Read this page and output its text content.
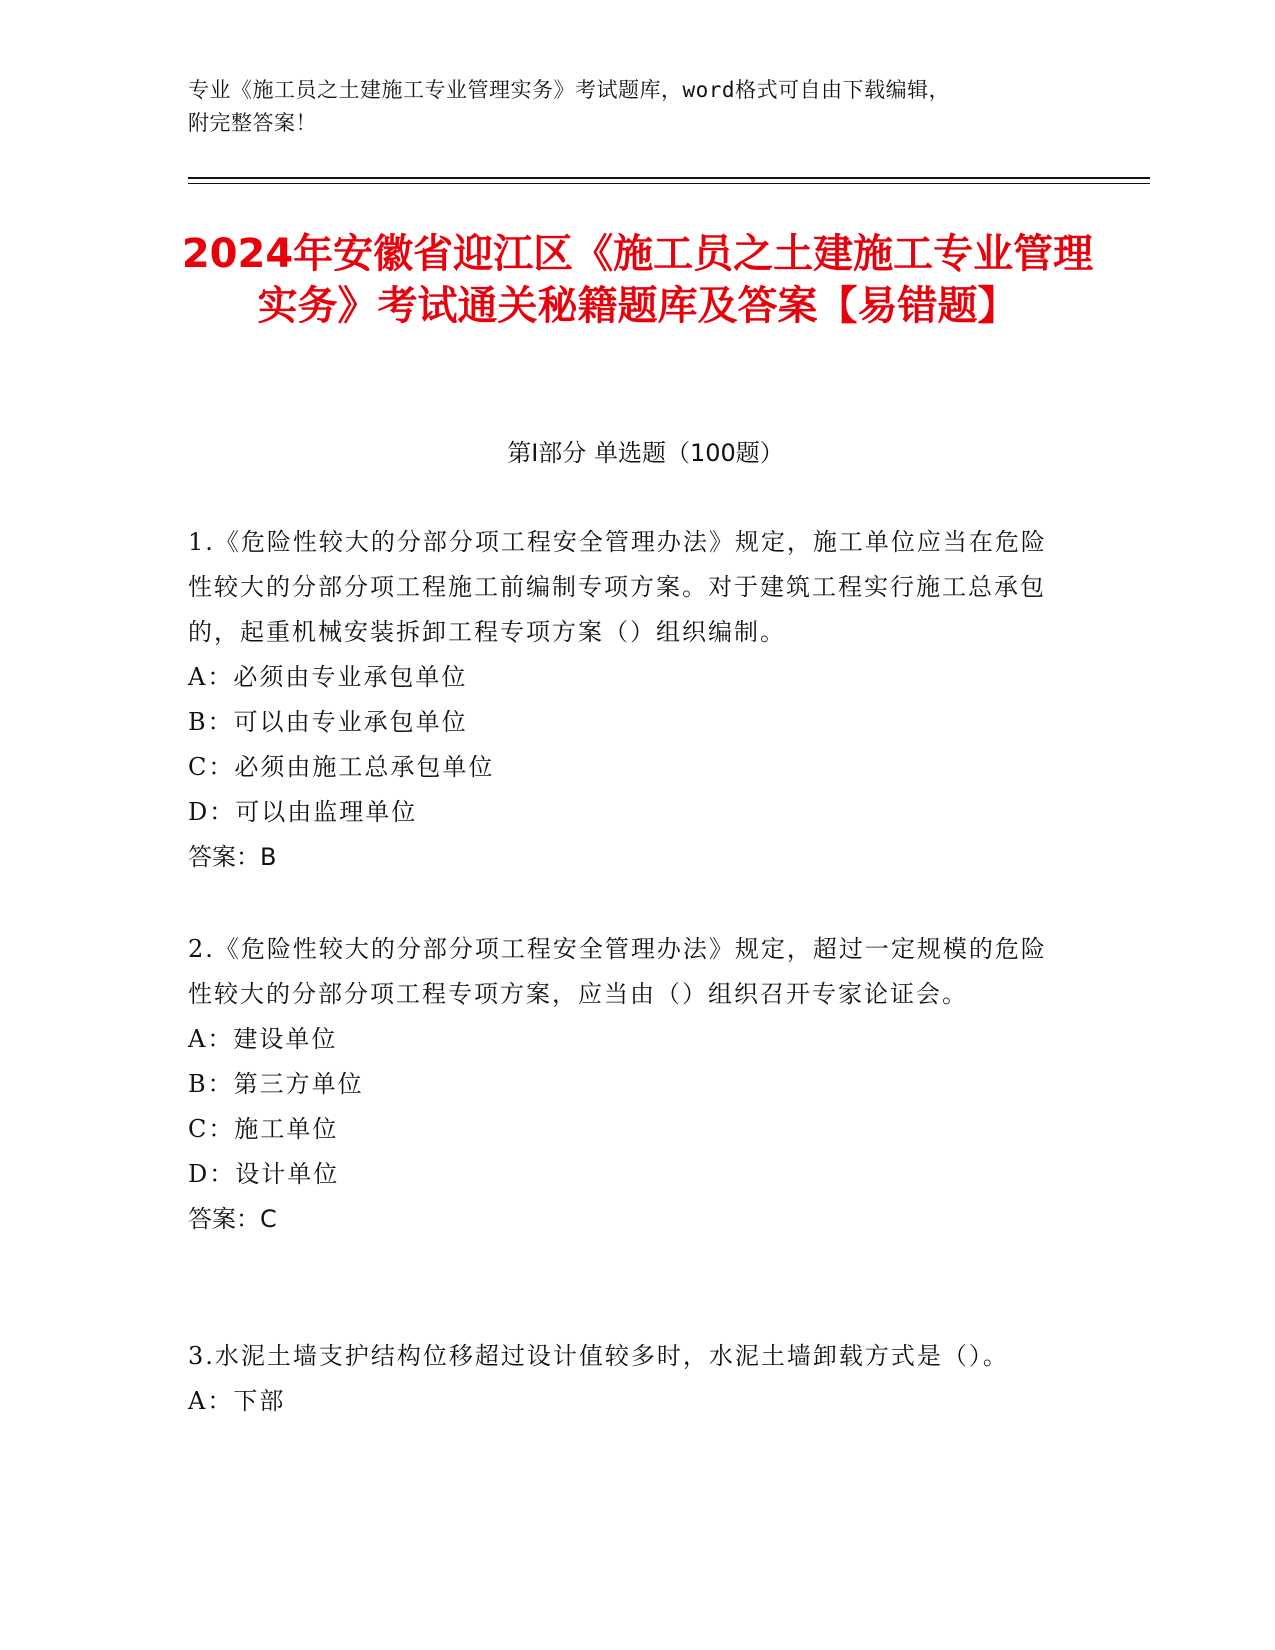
专业《施工员之土建施工专业管理实务》考试题库，word格式可自由下载编辑，
附完整答案！
2024年安徽省迎江区《施工员之土建施工专业管理实务》考试通关秘籍题库及答案【易错题】
第Ⅰ部分 单选题（100题）

1.《危险性较大的分部分项工程安全管理办法》规定，施工单位应当在危险性较大的分部分项工程施工前编制专项方案。对于建筑工程实行施工总承包的，起重机械安装拆卸工程专项方案（）组织编制。

A：必须由专业承包单位

B：可以由专业承包单位

C：必须由施工总承包单位

D：可以由监理单位

答案：B

2.《危险性较大的分部分项工程安全管理办法》规定，超过一定规模的危险性较大的分部分项工程专项方案，应当由（）组织召开专家论证会。

A：建设单位

B：第三方单位

C：施工单位

D：设计单位

答案：C

3.水泥土墙支护结构位移超过设计值较多时，水泥土墙卸载方式是（）。

A：下部
